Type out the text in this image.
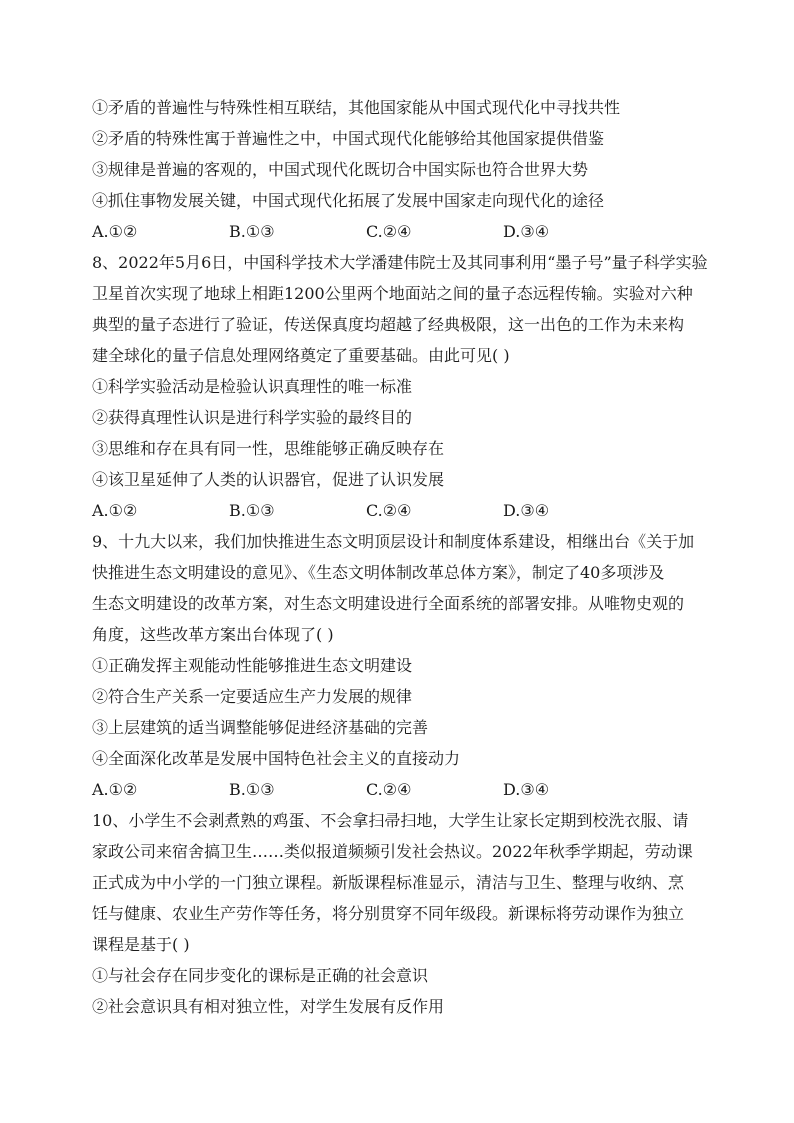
①矛盾的普遍性与特殊性相互联结，其他国家能从中国式现代化中寻找共性
②矛盾的特殊性寓于普遍性之中，中国式现代化能够给其他国家提供借鉴
③规律是普遍的客观的，中国式现代化既切合中国实际也符合世界大势
④抓住事物发展关键，中国式现代化拓展了发展中国家走向现代化的途径
A.①②	B.①③	C.②④	D.③④
8、2022年5月6日，中国科学技术大学潘建伟院士及其同事利用“墨子号”量子科学实验
卫星首次实现了地球上相距1200公里两个地面站之间的量子态远程传输。实验对六种
典型的量子态进行了验证，传送保真度均超越了经典极限，这一出色的工作为未来构
建全球化的量子信息处理网络奠定了重要基础。由此可见( )
①科学实验活动是检验认识真理性的唯一标准
②获得真理性认识是进行科学实验的最终目的
③思维和存在具有同一性，思维能够正确反映存在
④该卫星延伸了人类的认识器官，促进了认识发展
A.①②	B.①③	C.②④	D.③④
9、十九大以来，我们加快推进生态文明顶层设计和制度体系建设，相继出台《关于加
快推进生态文明建设的意见》、《生态文明体制改革总体方案》，制定了40多项涉及
生态文明建设的改革方案，对生态文明建设进行全面系统的部署安排。从唯物史观的
角度，这些改革方案出台体现了( )
①正确发挥主观能动性能够推进生态文明建设
②符合生产关系一定要适应生产力发展的规律
③上层建筑的适当调整能够促进经济基础的完善
④全面深化改革是发展中国特色社会主义的直接动力
A.①②	B.①③	C.②④	D.③④
10、小学生不会剥煮熟的鸡蛋、不会拿扫帚扫地，大学生让家长定期到校洗衣服、请
家政公司来宿舍搞卫生……类似报道频频引发社会热议。2022年秋季学期起，劳动课
正式成为中小学的一门独立课程。新版课程标准显示，清洁与卫生、整理与收纳、烹
饪与健康、农业生产劳作等任务，将分别贯穿不同年级段。新课标将劳动课作为独立
课程是基于( )
①与社会存在同步变化的课标是正确的社会意识
②社会意识具有相对独立性，对学生发展有反作用
